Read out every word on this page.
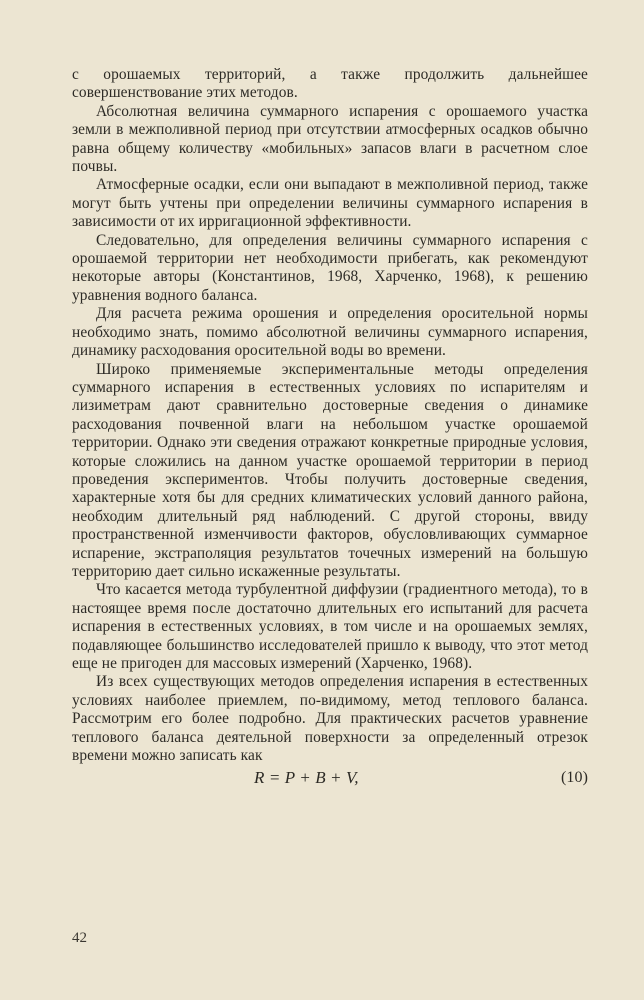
с орошаемых территорий, а также продолжить дальнейшее совершенствование этих методов.

Абсолютная величина суммарного испарения с орошаемого участка земли в межполивной период при отсутствии атмосферных осадков обычно равна общему количеству «мобильных» запасов влаги в расчетном слое почвы.

Атмосферные осадки, если они выпадают в межполивной период, также могут быть учтены при определении величины суммарного испарения в зависимости от их ирригационной эффективности.

Следовательно, для определения величины суммарного испарения с орошаемой территории нет необходимости прибегать, как рекомендуют некоторые авторы (Константинов, 1968, Харченко, 1968), к решению уравнения водного баланса.

Для расчета режима орошения и определения оросительной нормы необходимо знать, помимо абсолютной величины суммарного испарения, динамику расходования оросительной воды во времени.

Широко применяемые экспериментальные методы определения суммарного испарения в естественных условиях по испарителям и лизиметрам дают сравнительно достоверные сведения о динамике расходования почвенной влаги на небольшом участке орошаемой территории. Однако эти сведения отражают конкретные природные условия, которые сложились на данном участке орошаемой территории в период проведения экспериментов. Чтобы получить достоверные сведения, характерные хотя бы для средних климатических условий данного района, необходим длительный ряд наблюдений. С другой стороны, ввиду пространственной изменчивости факторов, обусловливающих суммарное испарение, экстраполяция результатов точечных измерений на большую территорию дает сильно искаженные результаты.

Что касается метода турбулентной диффузии (градиентного метода), то в настоящее время после достаточно длительных его испытаний для расчета испарения в естественных условиях, в том числе и на орошаемых землях, подавляющее большинство исследователей пришло к выводу, что этот метод еще не пригоден для массовых измерений (Харченко, 1968).

Из всех существующих методов определения испарения в естественных условиях наиболее приемлем, по-видимому, метод теплового баланса. Рассмотрим его более подробно. Для практических расчетов уравнение теплового баланса деятельной поверхности за определенный отрезок времени можно записать как

R = P + B + V,	(10)
42
